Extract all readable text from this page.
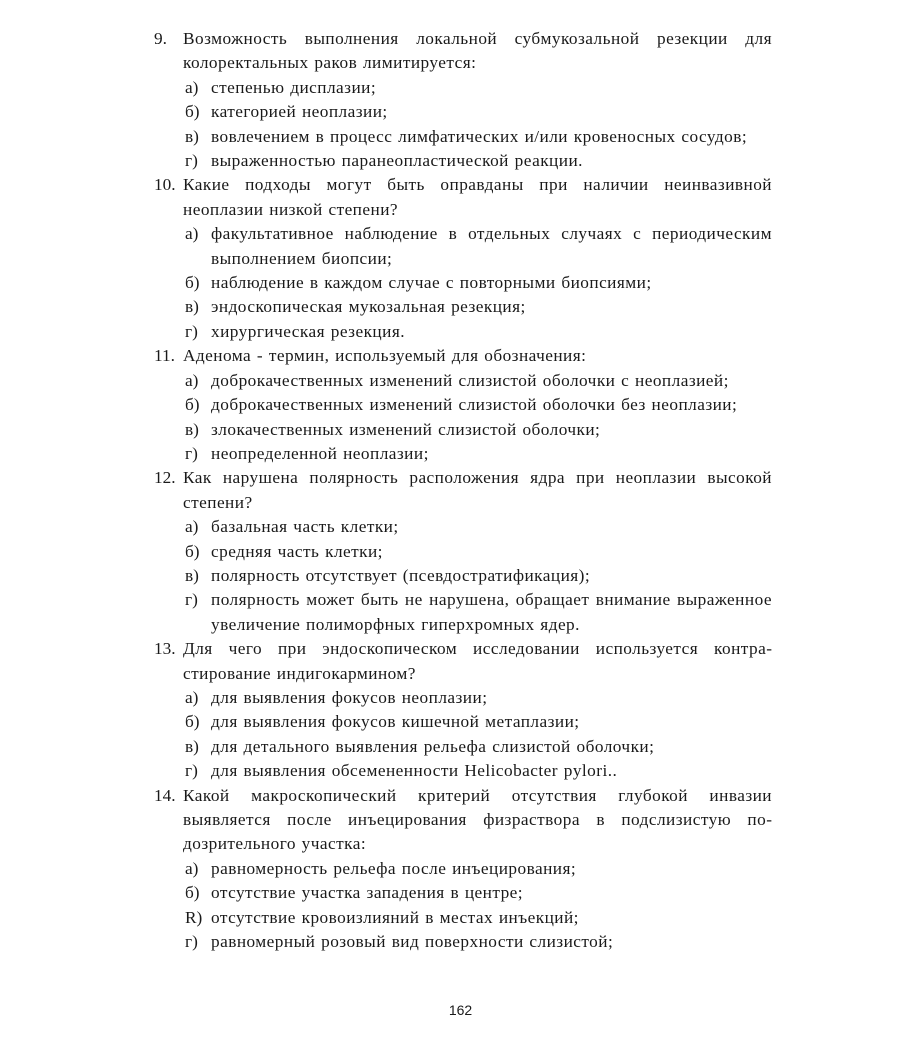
9. Возможность выполнения локальной субмукозальной резекции для колоректальных раков лимитируется:
а) степенью дисплазии;
б) категорией неоплазии;
в) вовлечением в процесс лимфатических и/или кровеносных сосудов;
г) выраженностью паранеопластической реакции.
10. Какие подходы могут быть оправданы при наличии неинвазивной неоплазии низкой степени?
а) факультативное наблюдение в отдельных случаях с периодическим выполнением биопсии;
б) наблюдение в каждом случае с повторными биопсиями;
в) эндоскопическая мукозальная резекция;
г) хирургическая резекция.
11. Аденома - термин, используемый для обозначения:
а) доброкачественных изменений слизистой оболочки с неоплазией;
б) доброкачественных изменений слизистой оболочки без неоплазии;
в) злокачественных изменений слизистой оболочки;
г) неопределенной неоплазии;
12. Как нарушена полярность расположения ядра при неоплазии высокой степени?
а) базальная часть клетки;
б) средняя часть клетки;
в) полярность отсутствует (псевдостратификация);
г) полярность может быть не нарушена, обращает внимание выраженное увеличение полиморфных гиперхромных ядер.
13. Для чего при эндоскопическом исследовании используется контрастирование индигокармином?
а) для выявления фокусов неоплазии;
б) для выявления фокусов кишечной метаплазии;
в) для детального выявления рельефа слизистой оболочки;
г) для выявления обсемененности Helicobacter pylori..
14. Какой макроскопический критерий отсутствия глубокой инвазии выявляется после инъецирования физраствора в подслизистую подозрительного участка:
а) равномерность рельефа после инъецирования;
б) отсутствие участка западения в центре;
R) отсутствие кровоизлияний в местах инъекций;
г) равномерный розовый вид поверхности слизистой;
162
